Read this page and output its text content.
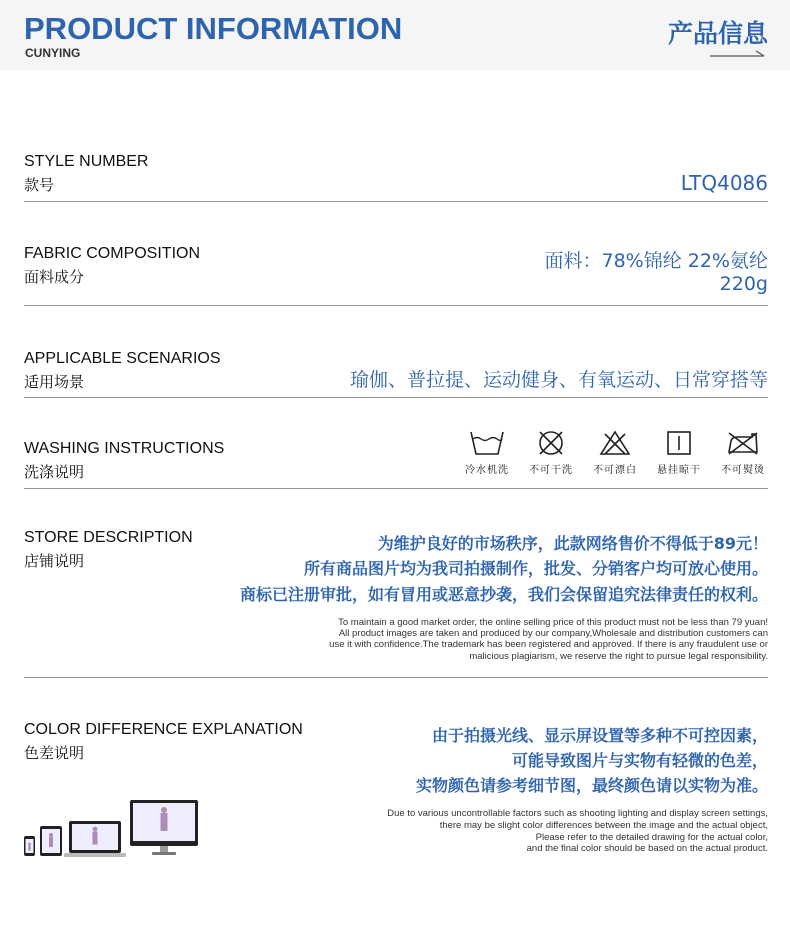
PRODUCT INFORMATION
CUNYING
产品信息
STYLE NUMBER
款号	LTQ4086
FABRIC COMPOSITION
面料成分
面料：78%锦纶 22%氨纶
220g
APPLICABLE SCENARIOS
适用场景	瑜伽、普拉提、运动健身、有氧运动、日常穿搭等
WASHING INSTRUCTIONS
洗涤说明	冷水机洗 不可干洗 不可漂白 悬挂晾干 不可熨烫
STORE DESCRIPTION
店铺说明
为维护良好的市场秩序，此款网络售价不得低于89元！
所有商品图片均为我司拍摄制作，批发、分销客户均可放心使用。
商标已注册审批，如有冒用或恶意抄袭，我们会保留追究法律责任的权利。
To maintain a good market order, the online selling price of this product must not be less than 79 yuan!
All product images are taken and produced by our company,Wholesale and distribution customers can
use it with confidence.The trademark has been registered and approved. If there is any fraudulent use or
malicious plagiarism, we reserve the right to pursue legal responsibility.
COLOR DIFFERENCE EXPLANATION
色差说明
由于拍摄光线、显示屏设置等多种不可控因素，
可能导致图片与实物有轻微的色差，
实物颜色请参考细节图，最终颜色请以实物为准。
Due to various uncontrollable factors such as shooting lighting and display screen settings,
there may be slight color differences between the image and the actual object,
Please refer to the detailed drawing for the actual color,
and the final color should be based on the actual product.
